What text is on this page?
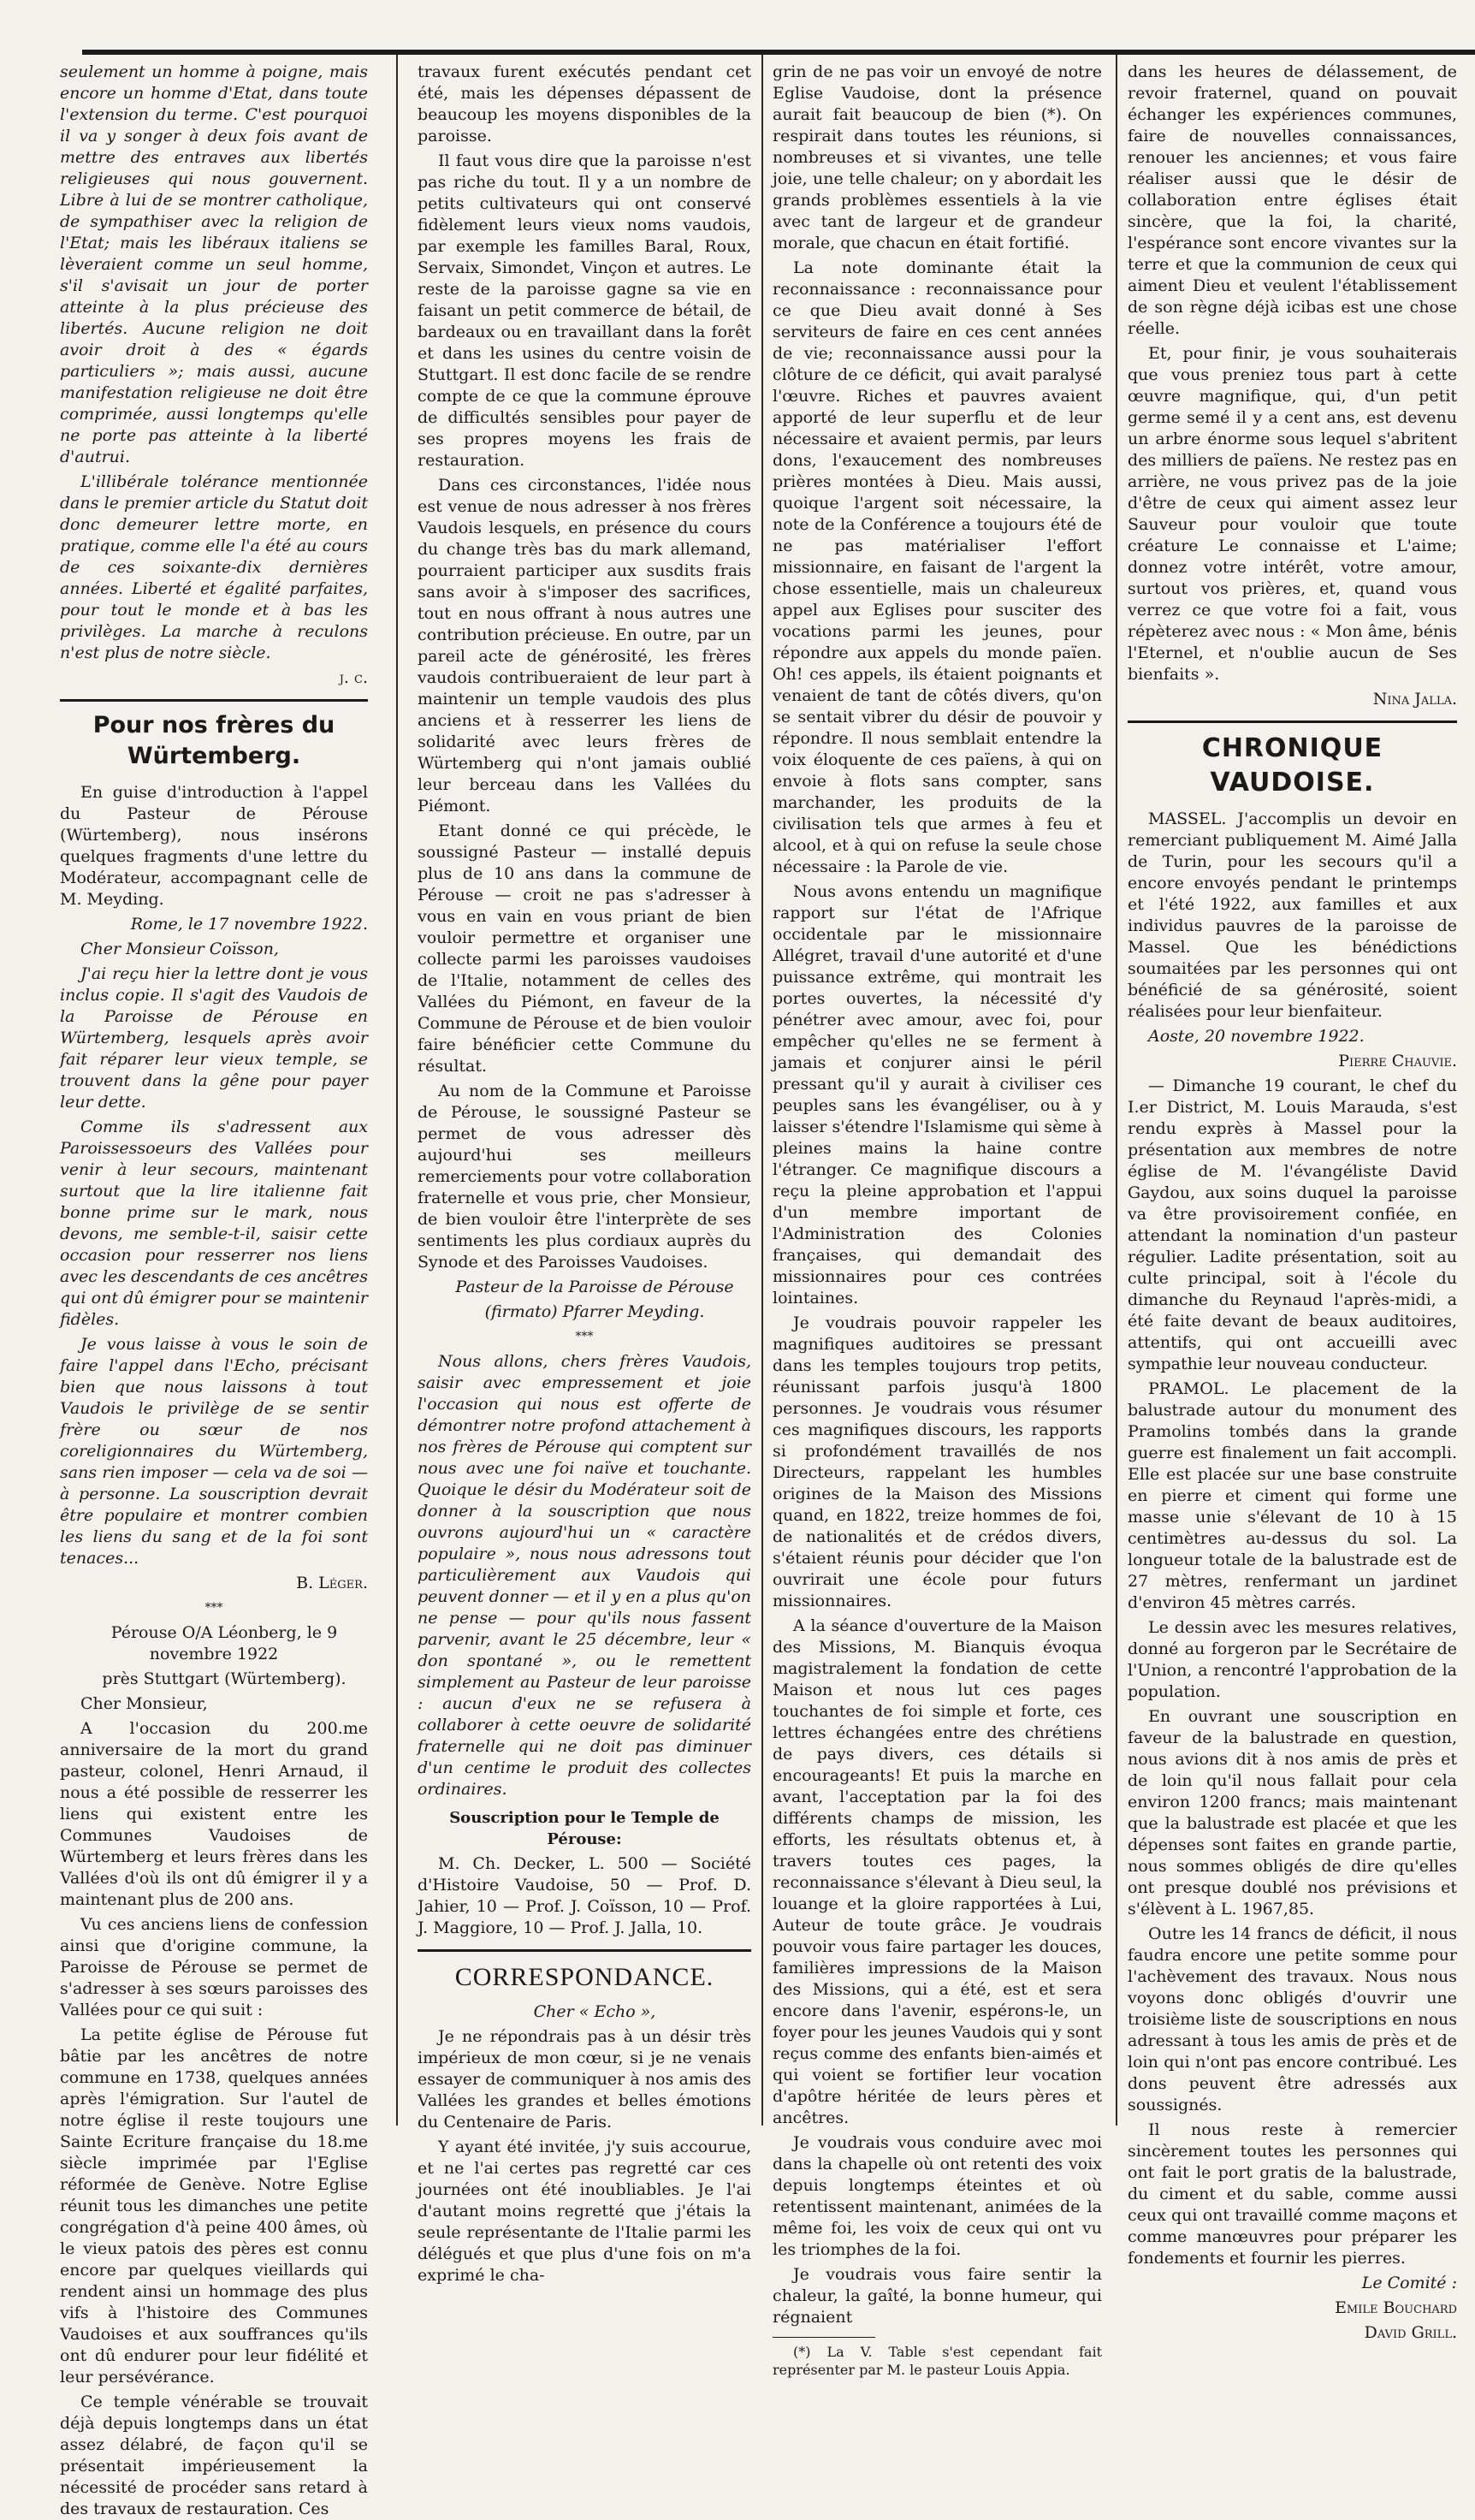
seulement un homme à poigne, mais encore un homme d'Etat, dans toute l'extension du terme. C'est pourquoi il va y songer à deux fois avant de mettre des entraves aux libertés religieuses qui nous gouvernent. Libre à lui de se montrer catholique, de sympathiser avec la religion de l'Etat; mais les libéraux italiens se lèveraient comme un seul homme, s'il s'avisait un jour de porter atteinte à la plus précieuse des libertés. Aucune religion ne doit avoir droit à des « égards particuliers »; mais aussi, aucune manifestation religieuse ne doit être comprimée, aussi longtemps qu'elle ne porte pas atteinte à la liberté d'autrui.

L'illibérale tolérance mentionnée dans le premier article du Statut doit donc demeurer lettre morte, en pratique, comme elle l'a été au cours de ces soixante-dix dernières années. Liberté et égalité parfaites, pour tout le monde et à bas les privilèges. La marche à reculons n'est plus de notre siècle.

j. c.

Pour nos frères du Würtemberg.

En guise d'introduction à l'appel du Pasteur de Pérouse (Würtemberg), nous insérons quelques fragments d'une lettre du Modérateur, accompagnant celle de M. Meyding.

Rome, le 17 novembre 1922.

Cher Monsieur Coïsson,

J'ai reçu hier la lettre dont je vous inclus copie. Il s'agit des Vaudois de la Paroisse de Pérouse en Würtemberg, lesquels après avoir fait réparer leur vieux temple, se trouvent dans la gêne pour payer leur dette.

Comme ils s'adressent aux Paroissessoeurs des Vallées pour venir à leur secours, maintenant surtout que la lire italienne fait bonne prime sur le mark, nous devons, me semble-t-il, saisir cette occasion pour resserrer nos liens avec les descendants de ces ancêtres qui ont dû émigrer pour se maintenir fidèles.

Je vous laisse à vous le soin de faire l'appel dans l'Echo, précisant bien que nous laissons à tout Vaudois le privilège de se sentir frère ou sœur de nos coreligionnaires du Würtemberg, sans rien imposer — cela va de soi — à personne. La souscription devrait être populaire et montrer combien les liens du sang et de la foi sont tenaces...

B. Léger.

***

Pérouse O/A Léonberg, le 9 novembre 1922

près Stuttgart (Würtemberg).

Cher Monsieur,

A l'occasion du 200.me anniversaire de la mort du grand pasteur, colonel, Henri Arnaud, il nous a été possible de resserrer les liens qui existent entre les Communes Vaudoises de Würtemberg et leurs frères dans les Vallées d'où ils ont dû émigrer il y a maintenant plus de 200 ans.

Vu ces anciens liens de confession ainsi que d'origine commune, la Paroisse de Pérouse se permet de s'adresser à ses sœurs paroisses des Vallées pour ce qui suit :

La petite église de Pérouse fut bâtie par les ancêtres de notre commune en 1738, quelques années après l'émigration. Sur l'autel de notre église il reste toujours une Sainte Ecriture française du 18.me siècle imprimée par l'Eglise réformée de Genève. Notre Eglise réunit tous les dimanches une petite congrégation d'à peine 400 âmes, où le vieux patois des pères est connu encore par quelques vieillards qui rendent ainsi un hommage des plus vifs à l'histoire des Communes Vaudoises et aux souffrances qu'ils ont dû endurer pour leur fidélité et leur persévérance.

Ce temple vénérable se trouvait déjà depuis longtemps dans un état assez délabré, de façon qu'il se présentait impérieusement la nécessité de procéder sans retard à des travaux de restauration. Ces

travaux furent exécutés pendant cet été, mais les dépenses dépassent de beaucoup les moyens disponibles de la paroisse.

Il faut vous dire que la paroisse n'est pas riche du tout. Il y a un nombre de petits cultivateurs qui ont conservé fidèlement leurs vieux noms vaudois, par exemple les familles Baral, Roux, Servaix, Simondet, Vinçon et autres. Le reste de la paroisse gagne sa vie en faisant un petit commerce de bétail, de bardeaux ou en travaillant dans la forêt et dans les usines du centre voisin de Stuttgart. Il est donc facile de se rendre compte de ce que la commune éprouve de difficultés sensibles pour payer de ses propres moyens les frais de restauration.

Dans ces circonstances, l'idée nous est venue de nous adresser à nos frères Vaudois lesquels, en présence du cours du change très bas du mark allemand, pourraient participer aux susdits frais sans avoir à s'imposer des sacrifices, tout en nous offrant à nous autres une contribution précieuse. En outre, par un pareil acte de générosité, les frères vaudois contribueraient de leur part à maintenir un temple vaudois des plus anciens et à resserrer les liens de solidarité avec leurs frères de Würtemberg qui n'ont jamais oublié leur berceau dans les Vallées du Piémont.

Etant donné ce qui précède, le soussigné Pasteur — installé depuis plus de 10 ans dans la commune de Pérouse — croit ne pas s'adresser à vous en vain en vous priant de bien vouloir permettre et organiser une collecte parmi les paroisses vaudoises de l'Italie, notamment de celles des Vallées du Piémont, en faveur de la Commune de Pérouse et de bien vouloir faire bénéficier cette Commune du résultat.

Au nom de la Commune et Paroisse de Pérouse, le soussigné Pasteur se permet de vous adresser dès aujourd'hui ses meilleurs remerciements pour votre collaboration fraternelle et vous prie, cher Monsieur, de bien vouloir être l'interprète de ses sentiments les plus cordiaux auprès du Synode et des Paroisses Vaudoises.

Pasteur de la Paroisse de Pérouse

(firmato) Pfarrer Meyding.

***

Nous allons, chers frères Vaudois, saisir avec empressement et joie l'occasion qui nous est offerte de démontrer notre profond attachement à nos frères de Pérouse qui comptent sur nous avec une foi naïve et touchante. Quoique le désir du Modérateur soit de donner à la souscription que nous ouvrons aujourd'hui un « caractère populaire », nous nous adressons tout particulièrement aux Vaudois qui peuvent donner — et il y en a plus qu'on ne pense — pour qu'ils nous fassent parvenir, avant le 25 décembre, leur « don spontané », ou le remettent simplement au Pasteur de leur paroisse : aucun d'eux ne se refusera à collaborer à cette oeuvre de solidarité fraternelle qui ne doit pas diminuer d'un centime le produit des collectes ordinaires.

Souscription pour le Temple de Pérouse:

M. Ch. Decker, L. 500 — Société d'Histoire Vaudoise, 50 — Prof. D. Jahier, 10 — Prof. J. Coïsson, 10 — Prof. J. Maggiore, 10 — Prof. J. Jalla, 10.

CORRESPONDANCE.

Cher « Echo »,

Je ne répondrais pas à un désir très impérieux de mon cœur, si je ne venais essayer de communiquer à nos amis des Vallées les grandes et belles émotions du Centenaire de Paris.

Y ayant été invitée, j'y suis accourue, et ne l'ai certes pas regretté car ces journées ont été inoubliables. Je l'ai d'autant moins regretté que j'étais la seule représentante de l'Italie parmi les délégués et que plus d'une fois on m'a exprimé le cha-

grin de ne pas voir un envoyé de notre Eglise Vaudoise, dont la présence aurait fait beaucoup de bien (*). On respirait dans toutes les réunions, si nombreuses et si vivantes, une telle joie, une telle chaleur; on y abordait les grands problèmes essentiels à la vie avec tant de largeur et de grandeur morale, que chacun en était fortifié.

La note dominante était la reconnaissance : reconnaissance pour ce que Dieu avait donné à Ses serviteurs de faire en ces cent années de vie; reconnaissance aussi pour la clôture de ce déficit, qui avait paralysé l'œuvre. Riches et pauvres avaient apporté de leur superflu et de leur nécessaire et avaient permis, par leurs dons, l'exaucement des nombreuses prières montées à Dieu. Mais aussi, quoique l'argent soit nécessaire, la note de la Conférence a toujours été de ne pas matérialiser l'effort missionnaire, en faisant de l'argent la chose essentielle, mais un chaleureux appel aux Eglises pour susciter des vocations parmi les jeunes, pour répondre aux appels du monde païen. Oh! ces appels, ils étaient poignants et venaient de tant de côtés divers, qu'on se sentait vibrer du désir de pouvoir y répondre. Il nous semblait entendre la voix éloquente de ces païens, à qui on envoie à flots sans compter, sans marchander, les produits de la civilisation tels que armes à feu et alcool, et à qui on refuse la seule chose nécessaire : la Parole de vie.

Nous avons entendu un magnifique rapport sur l'état de l'Afrique occidentale par le missionnaire Allégret, travail d'une autorité et d'une puissance extrême, qui montrait les portes ouvertes, la nécessité d'y pénétrer avec amour, avec foi, pour empêcher qu'elles ne se ferment à jamais et conjurer ainsi le péril pressant qu'il y aurait à civiliser ces peuples sans les évangéliser, ou à y laisser s'étendre l'Islamisme qui sème à pleines mains la haine contre l'étranger. Ce magnifique discours a reçu la pleine approbation et l'appui d'un membre important de l'Administration des Colonies françaises, qui demandait des missionnaires pour ces contrées lointaines.

Je voudrais pouvoir rappeler les magnifiques auditoires se pressant dans les temples toujours trop petits, réunissant parfois jusqu'à 1800 personnes. Je voudrais vous résumer ces magnifiques discours, les rapports si profondément travaillés de nos Directeurs, rappelant les humbles origines de la Maison des Missions quand, en 1822, treize hommes de foi, de nationalités et de crédos divers, s'étaient réunis pour décider que l'on ouvrirait une école pour futurs missionnaires.

A la séance d'ouverture de la Maison des Missions, M. Bianquis évoqua magistralement la fondation de cette Maison et nous lut ces pages touchantes de foi simple et forte, ces lettres échangées entre des chrétiens de pays divers, ces détails si encourageants! Et puis la marche en avant, l'acceptation par la foi des différents champs de mission, les efforts, les résultats obtenus et, à travers toutes ces pages, la reconnaissance s'élevant à Dieu seul, la louange et la gloire rapportées à Lui, Auteur de toute grâce. Je voudrais pouvoir vous faire partager les douces, familières impressions de la Maison des Missions, qui a été, est et sera encore dans l'avenir, espérons-le, un foyer pour les jeunes Vaudois qui y sont reçus comme des enfants bien-aimés et qui voient se fortifier leur vocation d'apôtre héritée de leurs pères et ancêtres.

Je voudrais vous conduire avec moi dans la chapelle où ont retenti des voix depuis longtemps éteintes et où retentissent maintenant, animées de la même foi, les voix de ceux qui ont vu les triomphes de la foi.

Je voudrais vous faire sentir la chaleur, la gaîté, la bonne humeur, qui régnaient

(*) La V. Table s'est cependant fait représenter par M. le pasteur Louis Appia.

dans les heures de délassement, de revoir fraternel, quand on pouvait échanger les expériences communes, faire de nouvelles connaissances, renouer les anciennes; et vous faire réaliser aussi que le désir de collaboration entre églises était sincère, que la foi, la charité, l'espérance sont encore vivantes sur la terre et que la communion de ceux qui aiment Dieu et veulent l'établissement de son règne déjà icibas est une chose réelle.

Et, pour finir, je vous souhaiterais que vous preniez tous part à cette œuvre magnifique, qui, d'un petit germe semé il y a cent ans, est devenu un arbre énorme sous lequel s'abritent des milliers de païens. Ne restez pas en arrière, ne vous privez pas de la joie d'être de ceux qui aiment assez leur Sauveur pour vouloir que toute créature Le connaisse et L'aime; donnez votre intérêt, votre amour, surtout vos prières, et, quand vous verrez ce que votre foi a fait, vous répèterez avec nous : « Mon âme, bénis l'Eternel, et n'oublie aucun de Ses bienfaits ».

Nina Jalla.

CHRONIQUE VAUDOISE.

MASSEL. J'accomplis un devoir en remerciant publiquement M. Aimé Jalla de Turin, pour les secours qu'il a encore envoyés pendant le printemps et l'été 1922, aux familles et aux individus pauvres de la paroisse de Massel. Que les bénédictions soumaitées par les personnes qui ont bénéficié de sa générosité, soient réalisées pour leur bienfaiteur.

Aoste, 20 novembre 1922.

Pierre Chauvie.

— Dimanche 19 courant, le chef du I.er District, M. Louis Marauda, s'est rendu exprès à Massel pour la présentation aux membres de notre église de M. l'évangéliste David Gaydou, aux soins duquel la paroisse va être provisoirement confiée, en attendant la nomination d'un pasteur régulier. Ladite présentation, soit au culte principal, soit à l'école du dimanche du Reynaud l'après-midi, a été faite devant de beaux auditoires, attentifs, qui ont accueilli avec sympathie leur nouveau conducteur.

PRAMOL. Le placement de la balustrade autour du monument des Pramolins tombés dans la grande guerre est finalement un fait accompli. Elle est placée sur une base construite en pierre et ciment qui forme une masse unie s'élevant de 10 à 15 centimètres au-dessus du sol. La longueur totale de la balustrade est de 27 mètres, renfermant un jardinet d'environ 45 mètres carrés.

Le dessin avec les mesures relatives, donné au forgeron par le Secrétaire de l'Union, a rencontré l'approbation de la population.

En ouvrant une souscription en faveur de la balustrade en question, nous avions dit à nos amis de près et de loin qu'il nous fallait pour cela environ 1200 francs; mais maintenant que la balustrade est placée et que les dépenses sont faites en grande partie, nous sommes obligés de dire qu'elles ont presque doublé nos prévisions et s'élèvent à L. 1967,85.

Outre les 14 francs de déficit, il nous faudra encore une petite somme pour l'achèvement des travaux. Nous nous voyons donc obligés d'ouvrir une troisième liste de souscriptions en nous adressant à tous les amis de près et de loin qui n'ont pas encore contribué. Les dons peuvent être adressés aux soussignés.

Il nous reste à remercier sincèrement toutes les personnes qui ont fait le port gratis de la balustrade, du ciment et du sable, comme aussi ceux qui ont travaillé comme maçons et comme manœuvres pour préparer les fondements et fournir les pierres.

Le Comité :

Emile Bouchard

David Grill.
